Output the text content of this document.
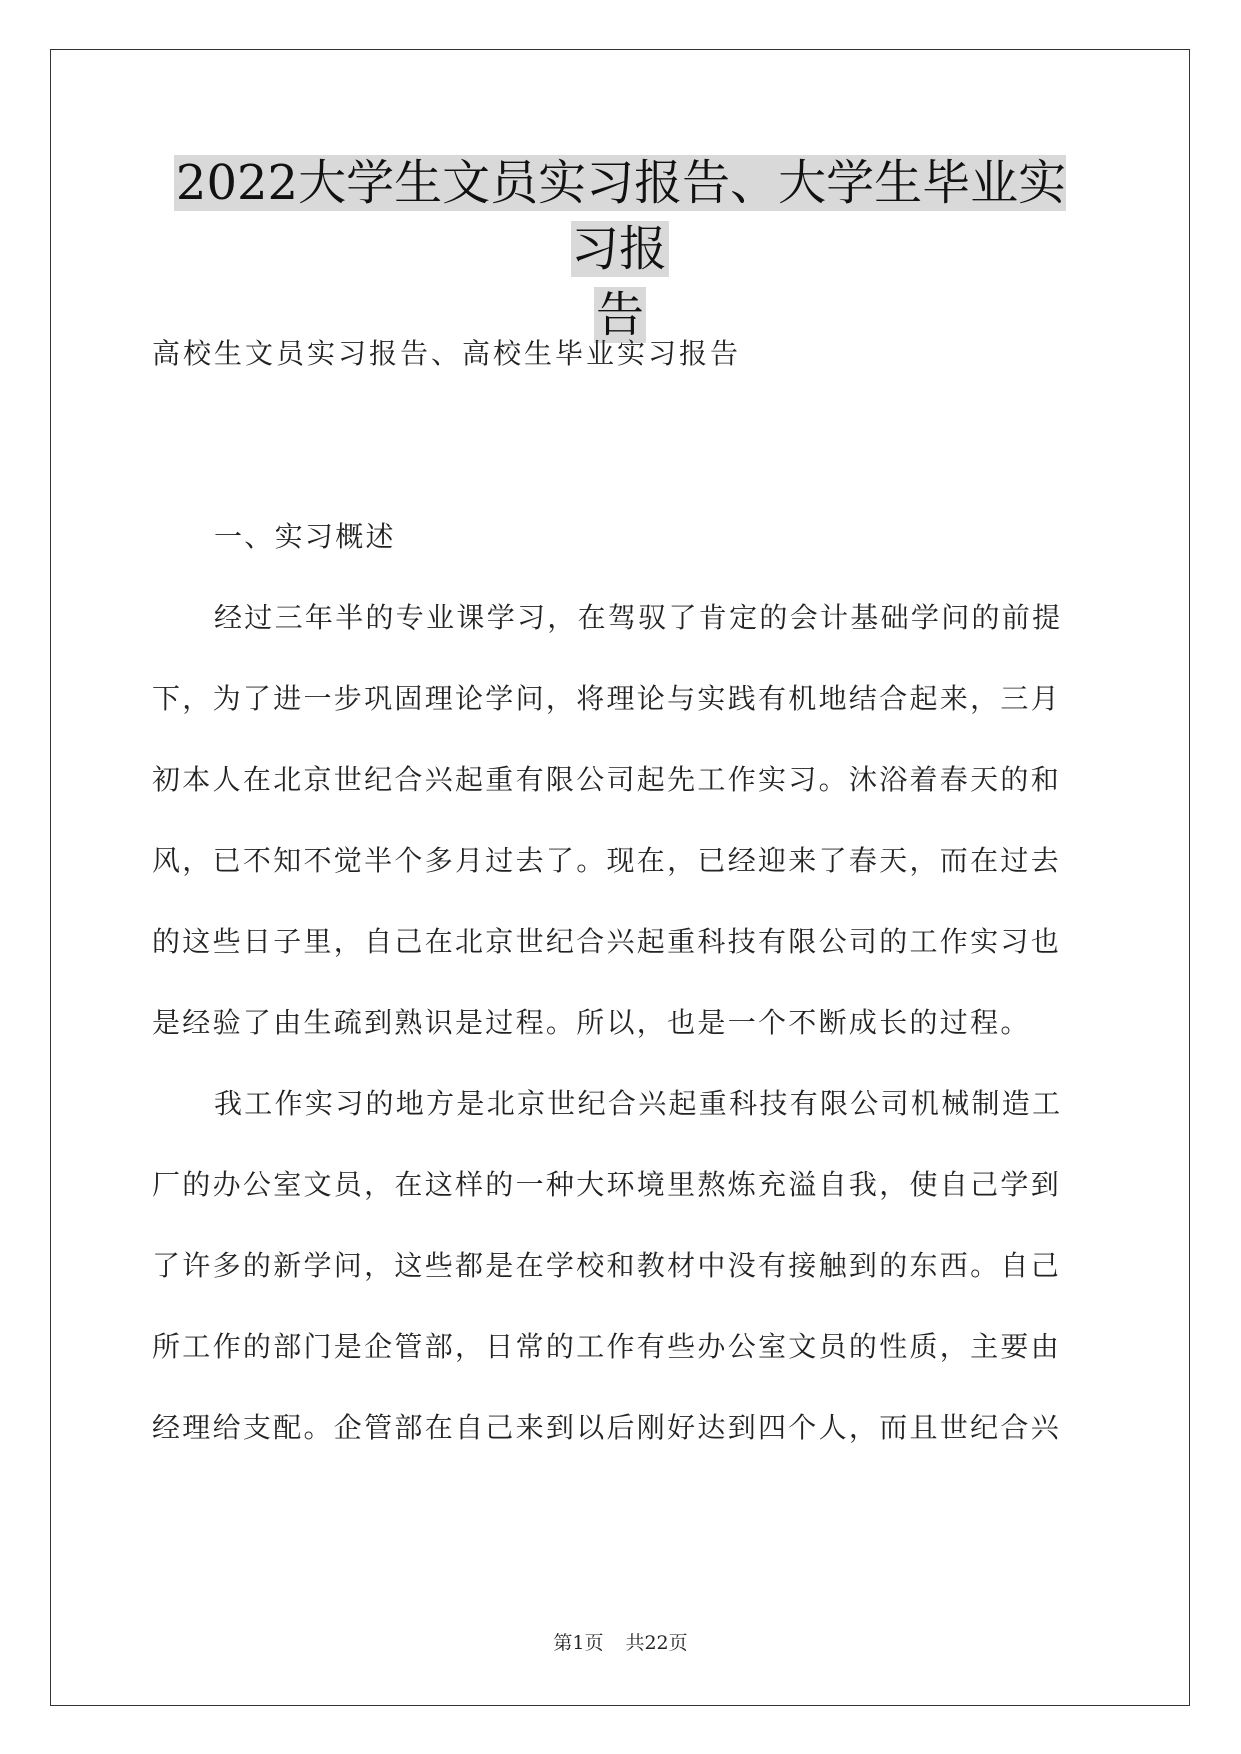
2022大学生文员实习报告、大学生毕业实习报
告
高校生文员实习报告、高校生毕业实习报告
一、实习概述
经过三年半的专业课学习，在驾驭了肯定的会计基础学问的前提
下，为了进一步巩固理论学问，将理论与实践有机地结合起来，三月
初本人在北京世纪合兴起重有限公司起先工作实习。沐浴着春天的和
风，已不知不觉半个多月过去了。现在，已经迎来了春天，而在过去
的这些日子里，自己在北京世纪合兴起重科技有限公司的工作实习也
是经验了由生疏到熟识是过程。所以，也是一个不断成长的过程。
我工作实习的地方是北京世纪合兴起重科技有限公司机械制造工
厂的办公室文员，在这样的一种大环境里熬炼充溢自我，使自己学到
了许多的新学问，这些都是在学校和教材中没有接触到的东西。自己
所工作的部门是企管部，日常的工作有些办公室文员的性质，主要由
经理给支配。企管部在自己来到以后刚好达到四个人，而且世纪合兴
第1页 共22页
